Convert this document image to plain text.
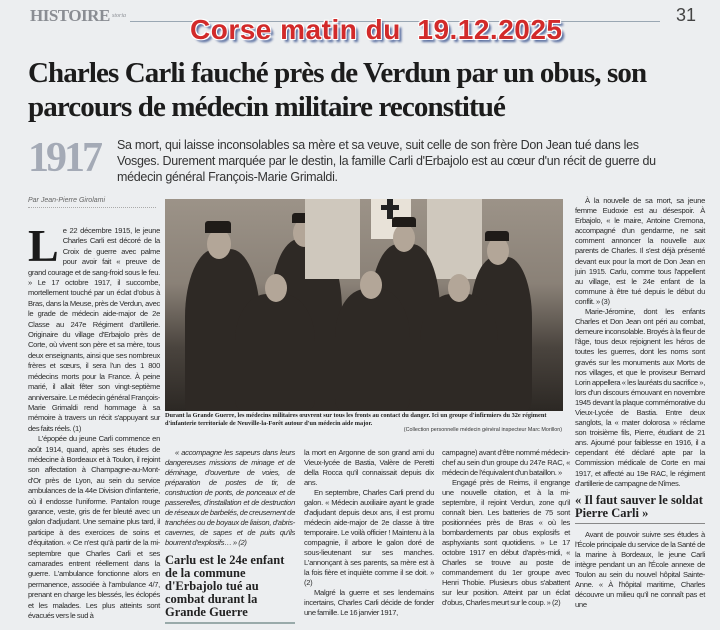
HISTOIRE storia	31
Corse matin du  19.12.2025
Charles Carli fauché près de Verdun par un obus, son parcours de médecin militaire reconstitué
1917 Sa mort, qui laisse inconsolables sa mère et sa veuve, suit celle de son frère Don Jean tué dans les Vosges. Durement marquée par le destin, la famille Carli d'Erbajolo est au cœur d'un récit de guerre du médecin général François-Marie Grimaldi.
Par Jean-Pierre Girolami
L e 22 décembre 1915, le jeune Charles Carli est décoré de la Croix de guerre avec palme pour avoir fait « preuve de grand courage et de sang-froid sous le feu. » Le 17 octobre 1917, il succombe, mortellement touché par un éclat d'obus à Bras, dans la Meuse, près de Verdun, avec le grade de médecin aide-major de 2e Classe au 247e Régiment d'artillerie. Originaire du village d'Erbajolo près de Corte, où vivent son père et sa mère, tous deux enseignants, ainsi que ses nombreux frères et sœurs, il sera l'un des 1 800 médecins morts pour la France. À peine marié, il allait fêter son vingt-septième anniversaire. Le médecin général François-Marie Grimaldi rend hommage à sa mémoire à travers un récit s'appuyant sur des faits réels. (1)

L'épopée du jeune Carli commence en août 1914, quand, après ses études de médecine à Bordeaux et à Toulon, il rejoint son affectation à Champagne-au-Mont-d'Or près de Lyon, au sein du service ambulances de la 44e Division d'infanterie, où il endosse l'uniforme. Pantalon rouge garance, veste, gris de fer bleuté avec un galon d'adjudant. Une semaine plus tard, il participe à des exercices de soins et d'équitation. « Ce n'est qu'à partir de la mi-septembre que Charles Carli et ses camarades entrent réellement dans la guerre. L'ambulance fonctionne alors en permanence, associée à l'ambulance 4/7, prenant en charge les blessés, les éclopés et les malades. Les plus atteints sont évacués vers le sud à

Durant la Grande Guerre, les médecins militaires œuvrent sur tous les fronts au contact du danger. Ici un groupe d'infirmiers du 32e régiment d'infanterie territoriale de Neuville-la-Forêt autour d'un médecin aide major.
(Collection personnelle médecin général inspecteur Marc Morillon)

« accompagne les sapeurs dans leurs dangereuses missions de minage et de déminage, d'ouverture de voies, de préparation de postes de tir, de construction de ponts, de ponceaux et de passerelles, d'installation et de destruction de réseaux de barbelés, de creusement de tranchées ou de boyaux de liaison, d'abris-cavernes, de sapes et de puits qu'ils bourrent d'explosifs… » (2)

Carlu est le 24e enfant de la commune d'Erbajolo tué au combat durant la Grande Guerre

la mort en Argonne de son grand ami du Vieux-lycée de Bastia, Valère de Peretti della Rocca qu'il connaissait depuis dix ans.

En septembre, Charles Carli prend du galon. « Médecin auxiliaire ayant le grade d'adjudant depuis deux ans, il est promu médecin aide-major de 2e classe à titre temporaire. Le voilà officier ! Maintenu à la compagnie, il arbore le galon doré de sous-lieutenant sur ses manches. L'annonçant à ses parents, sa mère est à la fois fière et inquiète comme il se doit. » (2)

Malgré la guerre et ses lendemains incertains, Charles Carli décide de fonder une famille. Le 16 janvier 1917,

campagne) avant d'être nommé médecin-chef au sein d'un groupe du 247e RAC, « médecin de l'équivalent d'un bataillon. »

Engagé près de Reims, il engrange une nouvelle citation, et à la mi-septembre, il rejoint Verdun, zone qu'il connaît bien. Les batteries de 75 sont positionnées près de Bras « où les bombardements par obus explosifs et asphyxiants sont quotidiens. » Le 17 octobre 1917 en début d'après-midi, « Charles se trouve au poste de commandement du 1er groupe avec Henri Thobie. Plusieurs obus s'abattent sur leur position. Atteint par un éclat d'obus, Charles meurt sur le coup. » (2)

À la nouvelle de sa mort, sa jeune femme Eudoxie est au désespoir. À Erbajolo, « le maire, Antoine Cremona, accompagné d'un gendarme, ne sait comment annoncer la nouvelle aux parents de Charles. Il s'est déjà présenté devant eux pour la mort de Don Jean en juin 1915. Carlu, comme tous l'appellent au village, est le 24e enfant de la commune à être tué depuis le début du conflit. » (3)

Marie-Jéromine, dont les enfants Charles et Don Jean ont péri au combat, demeure inconsolable. Broyés à la fleur de l'âge, tous deux rejoignent les héros de toutes les guerres, dont les noms sont gravés sur les monuments aux Morts de nos villages, et que le proviseur Bernard Lorin appellera « les lauréats du sacrifice », lors d'un discours émouvant en novembre 1945 devant la plaque commémorative du Vieux-Lycée de Bastia. Entre deux sanglots, la « mater dolorosa » réclame son troisième fils, Pierre, étudiant de 21 ans. Ajourné pour faiblesse en 1916, il a cependant été déclaré apte par la Commission médicale de Corte en mai 1917, et affecté au 19e RAC, le régiment d'artillerie de campagne de Nîmes.

« Il faut sauver le soldat Pierre Carli »

Avant de pouvoir suivre ses études à l'École principale du service de la Santé de la marine à Bordeaux, le jeune Carli intègre pendant un an l'École annexe de Toulon au sein du nouvel hôpital Sainte-Anne. « À l'hôpital maritime, Charles découvre un milieu qu'il ne connaît pas et une
